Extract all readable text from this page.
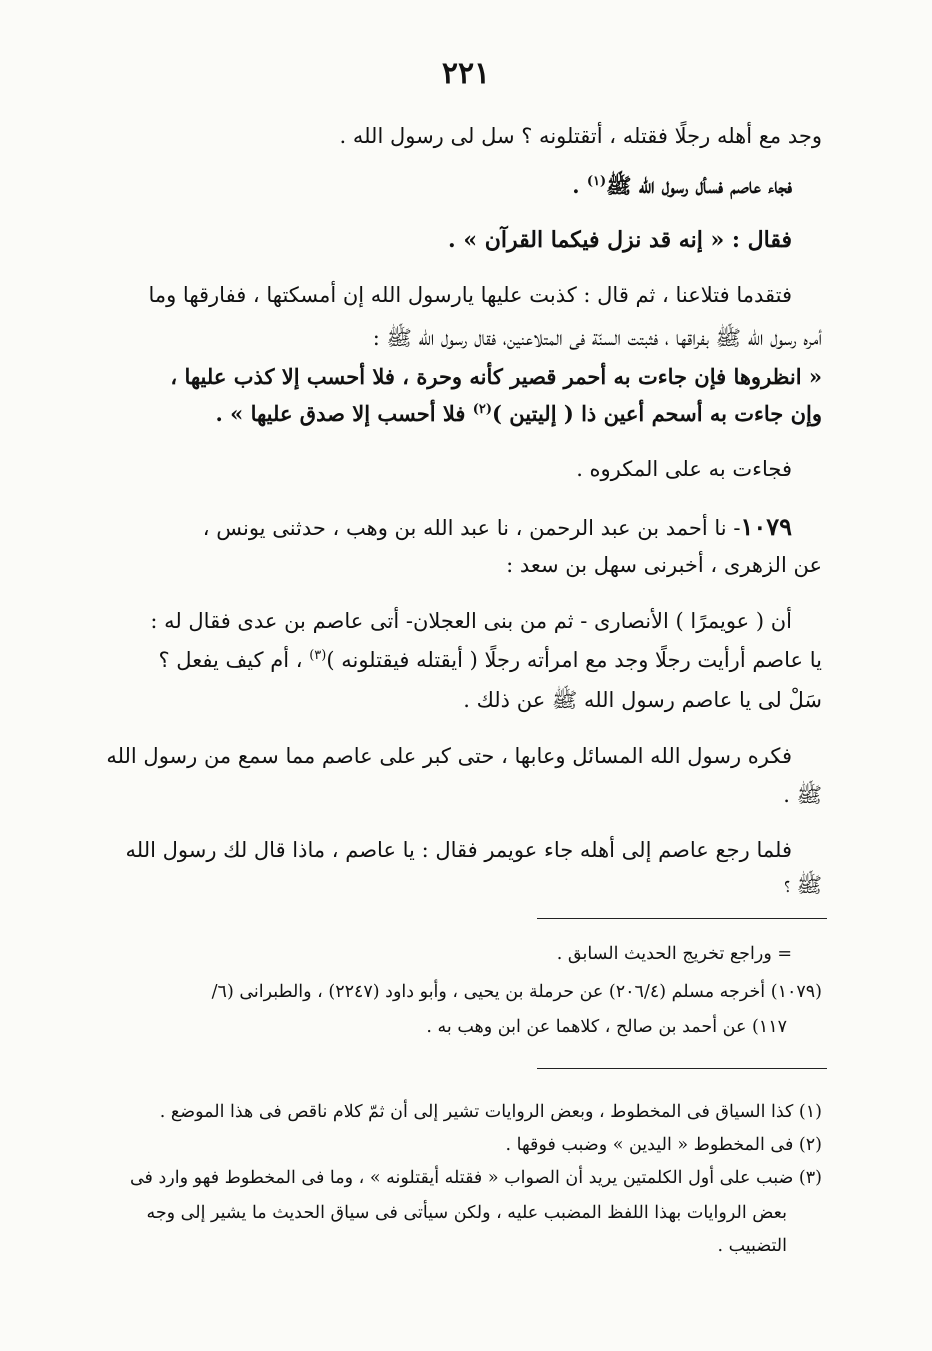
٢٢١
وجد مع أهله رجلًا فقتله ، أتقتلونه ؟ سل لى رسول الله .
فجاء عاصم فسأل رسول الله ﷺ$^{(١)}$ .
فقال : « إنه قد نزل فيكما القرآن » .
فتقدما فتلاعنا ، ثم قال : كذبت عليها يارسول الله إن أمسكتها ، ففارقها وما
أمره رسول الله ﷺ بفراقها ، فثبتت السنّة فى المتلاعنين، فقال رسول الله ﷺ :
« انظروها فإن جاءت به أحمر قصير كأنه وحرة ، فلا أحسب إلا كذب عليها ،
وإن جاءت به أسحم أعين ذا ( إليتين )$^{(٢)}$ فلا أحسب إلا صدق عليها » .
فجاءت به على المكروه .
١٠٧٩- نا أحمد بن عبد الرحمن ، نا عبد الله بن وهب ، حدثنى يونس ،
عن الزهرى ، أخبرنى سهل بن سعد :
أن ( عويمرًا ) الأنصارى - ثم من بنى العجلان- أتى عاصم بن عدى فقال له :
يا عاصم أرأيت رجلًا وجد مع امرأته رجلًا ( أيقتله فيقتلونه )$^{(٣)}$ ، أم كيف يفعل ؟
سَلْ لى يا عاصم رسول الله ﷺ عن ذلك .
فكره رسول الله المسائل وعابها ، حتى كبر على عاصم مما سمع من رسول الله
ﷺ .
فلما رجع عاصم إلى أهله جاء عويمر فقال : يا عاصم ، ماذا قال لك رسول الله
ﷺ ؟
= وراجع تخريج الحديث السابق .
(١٠٧٩) أخرجه مسلم (٢٠٦/٤) عن حرملة بن يحيى ، وأبو داود (٢٢٤٧) ، والطبرانى (٦/
١١٧) عن أحمد بن صالح ، كلاهما عن ابن وهب به .
(١) كذا السياق فى المخطوط ، وبعض الروايات تشير إلى أن ثمّ كلام ناقص فى هذا الموضع .
(٢) فى المخطوط « اليدين » وضبب فوقها .
(٣) ضبب على أول الكلمتين يريد أن الصواب « فقتله أيقتلونه » ، وما فى المخطوط فهو وارد فى
بعض الروايات بهذا اللفظ المضبب عليه ، ولكن سيأتى فى سياق الحديث ما يشير إلى وجه
التضبيب .
